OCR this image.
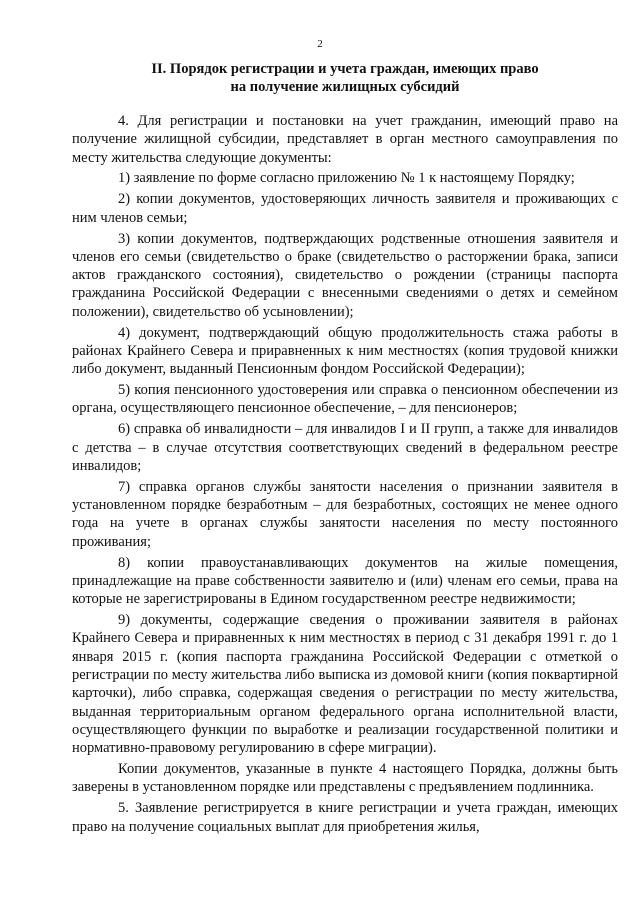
2
II. Порядок регистрации и учета граждан, имеющих право
на получение жилищных субсидий

4. Для регистрации и постановки на учет гражданин, имеющий право на получение жилищной субсидии, представляет в орган местного самоуправления по месту жительства следующие документы:

1) заявление по форме согласно приложению № 1 к настоящему Порядку;

2) копии документов, удостоверяющих личность заявителя и проживающих с ним членов семьи;

3) копии документов, подтверждающих родственные отношения заявителя и членов его семьи (свидетельство о браке (свидетельство о расторжении брака, записи актов гражданского состояния), свидетельство о рождении (страницы паспорта гражданина Российской Федерации с внесенными сведениями о детях и семейном положении), свидетельство об усыновлении);

4) документ, подтверждающий общую продолжительность стажа работы в районах Крайнего Севера и приравненных к ним местностях (копия трудовой книжки либо документ, выданный Пенсионным фондом Российской Федерации);

5) копия пенсионного удостоверения или справка о пенсионном обеспечении из органа, осуществляющего пенсионное обеспечение, – для пенсионеров;

6) справка об инвалидности – для инвалидов I и II групп, а также для инвалидов с детства – в случае отсутствия соответствующих сведений в федеральном реестре инвалидов;

7) справка органов службы занятости населения о признании заявителя в установленном порядке безработным – для безработных, состоящих не менее одного года на учете в органах службы занятости населения по месту постоянного проживания;

8) копии правоустанавливающих документов на жилые помещения, принадлежащие на праве собственности заявителю и (или) членам его семьи, права на которые не зарегистрированы в Едином государственном реестре недвижимости;

9) документы, содержащие сведения о проживании заявителя в районах Крайнего Севера и приравненных к ним местностях в период с 31 декабря 1991 г. до 1 января 2015 г. (копия паспорта гражданина Российской Федерации с отметкой о регистрации по месту жительства либо выписка из домовой книги (копия поквартирной карточки), либо справка, содержащая сведения о регистрации по месту жительства, выданная территориальным органом федерального органа исполнительной власти, осуществляющего функции по выработке и реализации государственной политики и нормативно-правовому регулированию в сфере миграции).

Копии документов, указанные в пункте 4 настоящего Порядка, должны быть заверены в установленном порядке или представлены с предъявлением подлинника.

5. Заявление регистрируется в книге регистрации и учета граждан, имеющих право на получение социальных выплат для приобретения жилья,
